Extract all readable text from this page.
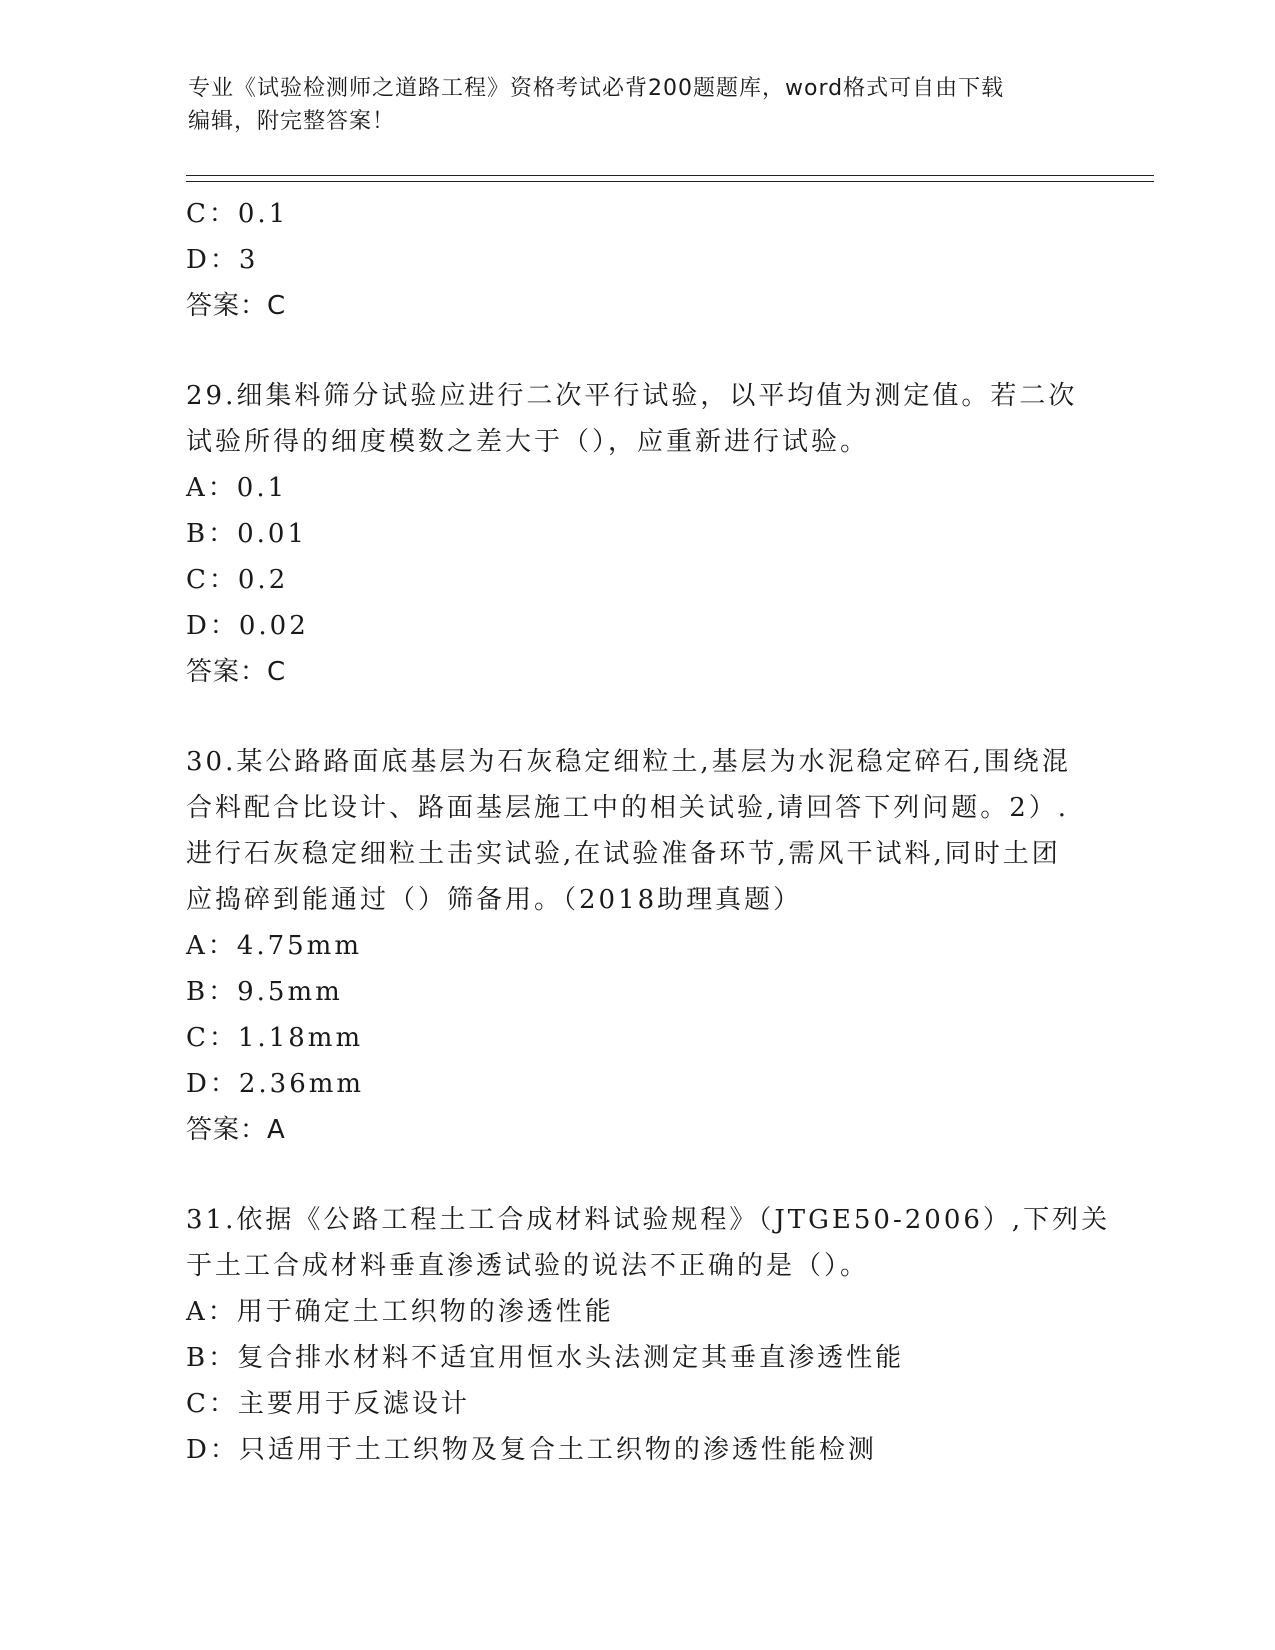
专业《试验检测师之道路工程》资格考试必背200题题库，word格式可自由下载
编辑，附完整答案！
C：0.1
D：3
答案：C
29.细集料筛分试验应进行二次平行试验，以平均值为测定值。若二次
试验所得的细度模数之差大于（），应重新进行试验。
A：0.1
B：0.01
C：0.2
D：0.02
答案：C
30.某公路路面底基层为石灰稳定细粒土,基层为水泥稳定碎石,围绕混
合料配合比设计、路面基层施工中的相关试验,请回答下列问题。2）.
进行石灰稳定细粒土击实试验,在试验准备环节,需风干试料,同时土团
应捣碎到能通过（）筛备用。（2018助理真题）
A：4.75mm
B：9.5mm
C：1.18mm
D：2.36mm
答案：A
31.依据《公路工程土工合成材料试验规程》（JTGE50-2006）,下列关
于土工合成材料垂直渗透试验的说法不正确的是（）。
A：用于确定土工织物的渗透性能
B：复合排水材料不适宜用恒水头法测定其垂直渗透性能
C：主要用于反滤设计
D：只适用于土工织物及复合土工织物的渗透性能检测
